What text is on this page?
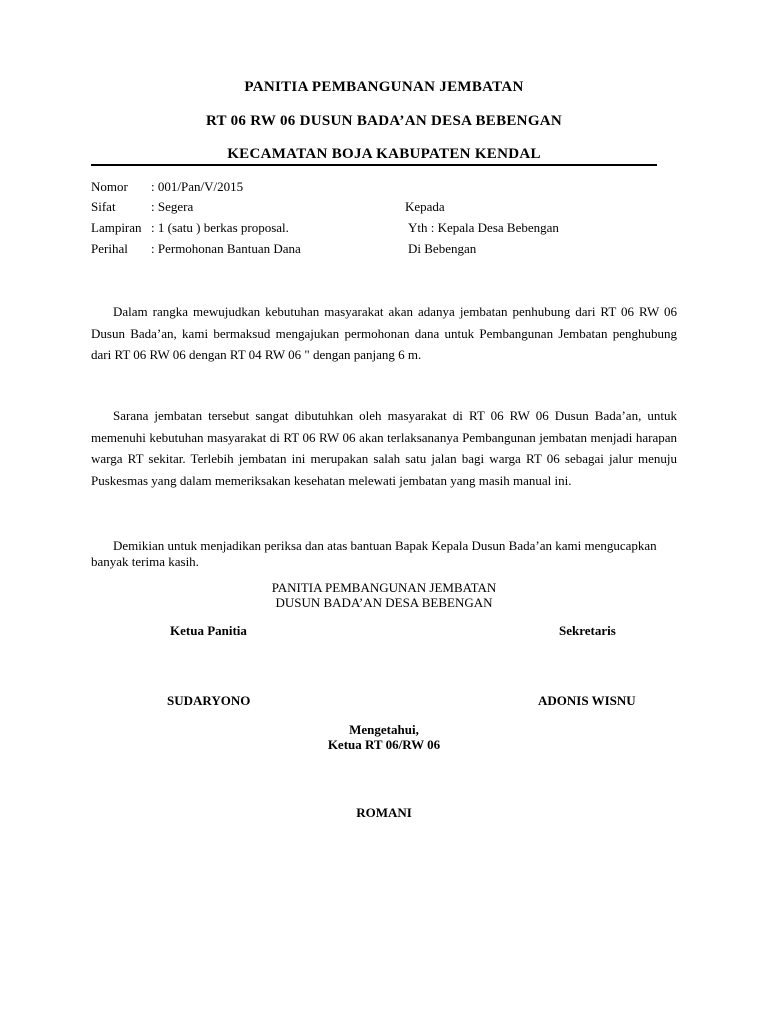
PANITIA PEMBANGUNAN JEMBATAN
RT 06 RW 06 DUSUN BADA’AN DESA BEBENGAN
KECAMATAN BOJA KABUPATEN KENDAL
Nomor : 001/Pan/V/2015
Sifat	: Segera	Kepada
Lampiran : 1 (satu ) berkas proposal.	Yth : Kepala Desa Bebengan
Perihal : Permohonan Bantuan Dana	Di Bebengan
Dalam rangka mewujudkan kebutuhan masyarakat akan adanya jembatan penhubung dari RT 06 RW 06 Dusun Bada’an, kami bermaksud mengajukan permohonan dana untuk Pembangunan Jembatan penghubung dari RT 06 RW 06 dengan RT 04 RW 06 " dengan panjang 6 m.
Sarana jembatan tersebut sangat dibutuhkan oleh masyarakat di RT 06 RW 06 Dusun Bada’an, untuk memenuhi kebutuhan masyarakat di RT 06 RW 06 akan terlaksananya Pembangunan jembatan menjadi harapan warga RT sekitar. Terlebih jembatan ini merupakan salah satu jalan bagi warga RT 06 sebagai jalur menuju Puskesmas yang dalam memeriksakan kesehatan melewati jembatan yang masih manual ini.
Demikian untuk menjadikan periksa dan atas bantuan Bapak Kepala Dusun Bada’an kami mengucapkan banyak terima kasih.
PANITIA PEMBANGUNAN JEMBATAN
DUSUN BADA’AN DESA BEBENGAN
Ketua Panitia	Sekretaris
SUDARYONO	ADONIS WISNU
Mengetahui,
Ketua RT 06/RW 06
ROMANI
